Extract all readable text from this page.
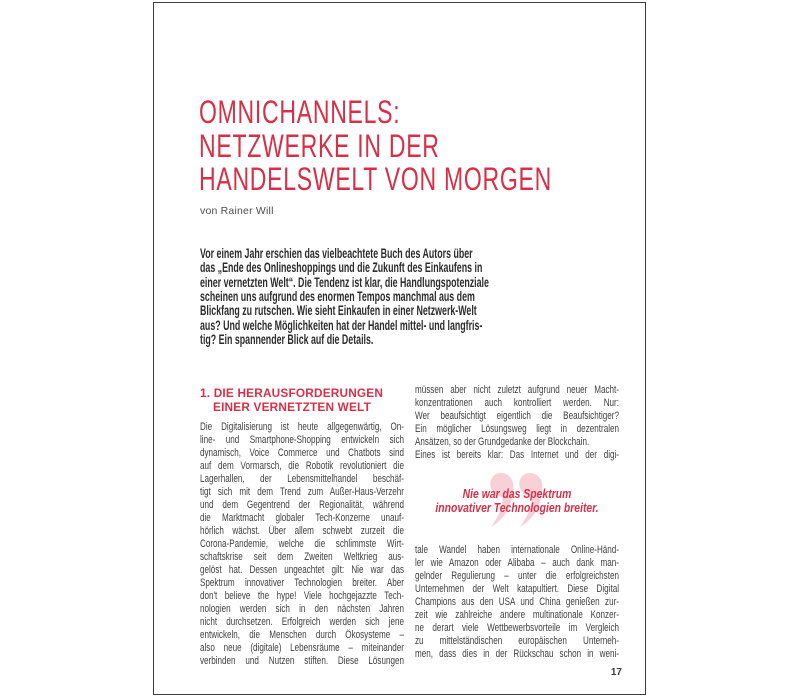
OMNICHANNELS:
NETZWERKE IN DER
HANDELSWELT VON MORGEN
von Rainer Will
Vor einem Jahr erschien das vielbeachtete Buch des Autors über
das „Ende des Onlineshoppings und die Zukunft des Einkaufens in
einer vernetzten Welt“. Die Tendenz ist klar, die Handlungspotenziale
scheinen uns aufgrund des enormen Tempos manchmal aus dem
Blickfang zu rutschen. Wie sieht Einkaufen in einer Netzwerk-Welt
aus? Und welche Möglichkeiten hat der Handel mittel- und langfris-
tig? Ein spannender Blick auf die Details.
1. DIE HERAUSFORDERUNGEN
EINER VERNETZTEN WELT
Die Digitalisierung ist heute allgegenwärtig, On-
line- und Smartphone-Shopping entwickeln sich
dynamisch, Voice Commerce und Chatbots sind
auf dem Vormarsch, die Robotik revolutioniert die
Lagerhallen, der Lebensmittelhandel beschäf-
tigt sich mit dem Trend zum Außer-Haus-Verzehr
und dem Gegentrend der Regionalität, während
die Marktmacht globaler Tech-Konzerne unauf-
hörlich wächst. Über allem schwebt zurzeit die
Corona-Pandemie, welche die schlimmste Wirt-
schaftskrise seit dem Zweiten Weltkrieg aus-
gelöst hat. Dessen ungeachtet gilt: Nie war das
Spektrum innovativer Technologien breiter. Aber
don't believe the hype! Viele hochgejazzte Tech-
nologien werden sich in den nächsten Jahren
nicht durchsetzen. Erfolgreich werden sich jene
entwickeln, die Menschen durch Ökosysteme –
also neue (digitale) Lebensräume – miteinander
verbinden und Nutzen stiften. Diese Lösungen
müssen aber nicht zuletzt aufgrund neuer Macht-
konzentrationen auch kontrolliert werden. Nur:
Wer beaufsichtigt eigentlich die Beaufsichtiger?
Ein möglicher Lösungsweg liegt in dezentralen
Ansätzen, so der Grundgedanke der Blockchain.
Eines ist bereits klar: Das Internet und der digi-
Nie war das Spektrum
innovativer Technologien breiter.
tale Wandel haben internationale Online-Händ-
ler wie Amazon oder Alibaba – auch dank man-
gelnder Regulierung – unter die erfolgreichsten
Unternehmen der Welt katapultiert. Diese Digital
Champions aus den USA und China genießen zur-
zeit wie zahlreiche andere multinationale Konzer-
ne derart viele Wettbewerbsvorteile im Vergleich
zu mittelständischen europäischen Unterneh-
men, dass dies in der Rückschau schon in weni-
17
